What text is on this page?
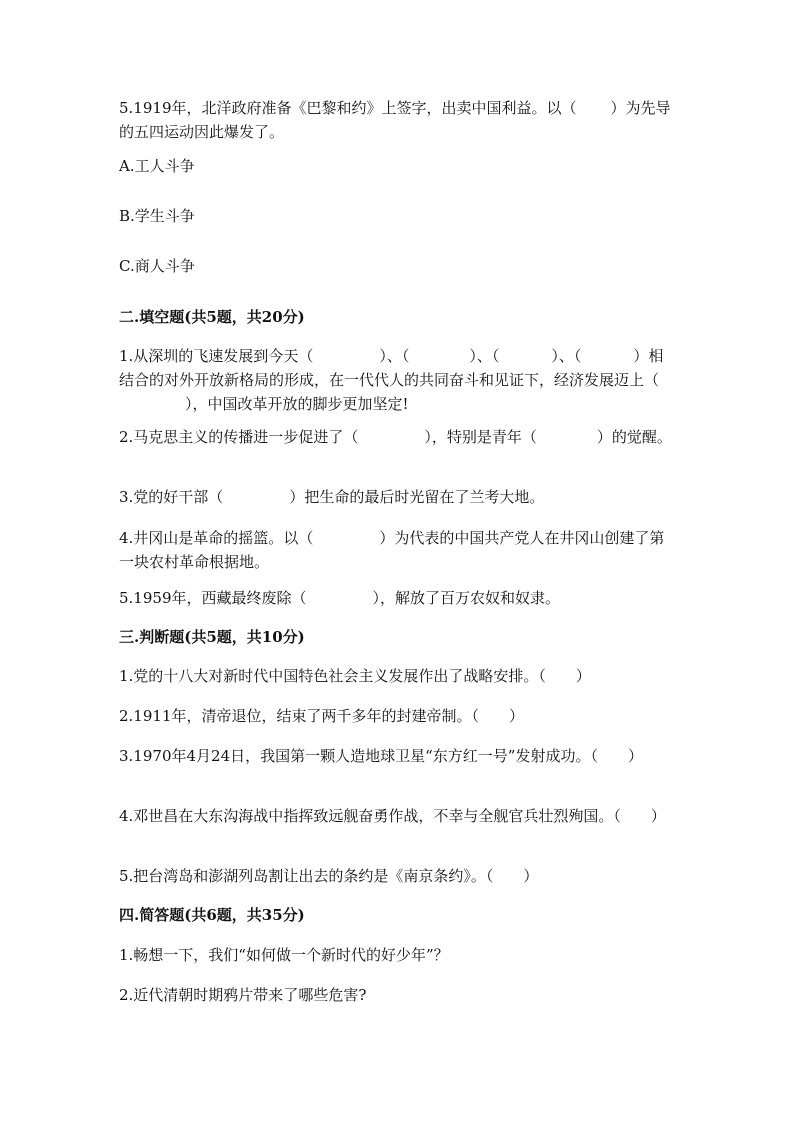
5.1919年，北洋政府准备《巴黎和约》上签字，出卖中国利益。以（ ）为先导的五四运动因此爆发了。

A.工人斗争

B.学生斗争

C.商人斗争

二.填空题(共5题，共20分)

1.从深圳的飞速发展到今天（	）、（	）、（	）、（	）相结合的对外开放新格局的形成，在一代代人的共同奋斗和见证下，经济发展迈上（），中国改革开放的脚步更加坚定!

2.马克思主义的传播进一步促进了（	），特别是青年（	）的觉醒。

3.党的好干部（	）把生命的最后时光留在了兰考大地。

4.井冈山是革命的摇篮。以（	）为代表的中国共产党人在井冈山创建了第一块农村革命根据地。

5.1959年，西藏最终废除（	），解放了百万农奴和奴隶。

三.判断题(共5题，共10分)

1.党的十八大对新时代中国特色社会主义发展作出了战略安排。（　　）

2.1911年，清帝退位，结束了两千多年的封建帝制。（　　）

3.1970年4月24日，我国第一颗人造地球卫星“东方红一号”发射成功。（　　）

4.邓世昌在大东沟海战中指挥致远舰奋勇作战，不幸与全舰官兵壮烈殉国。（　　）

5.把台湾岛和澎湖列岛割让出去的条约是《南京条约》。（　　）

四.简答题(共6题，共35分)

1.畅想一下，我们“如何做一个新时代的好少年”？

2.近代清朝时期鸦片带来了哪些危害?
